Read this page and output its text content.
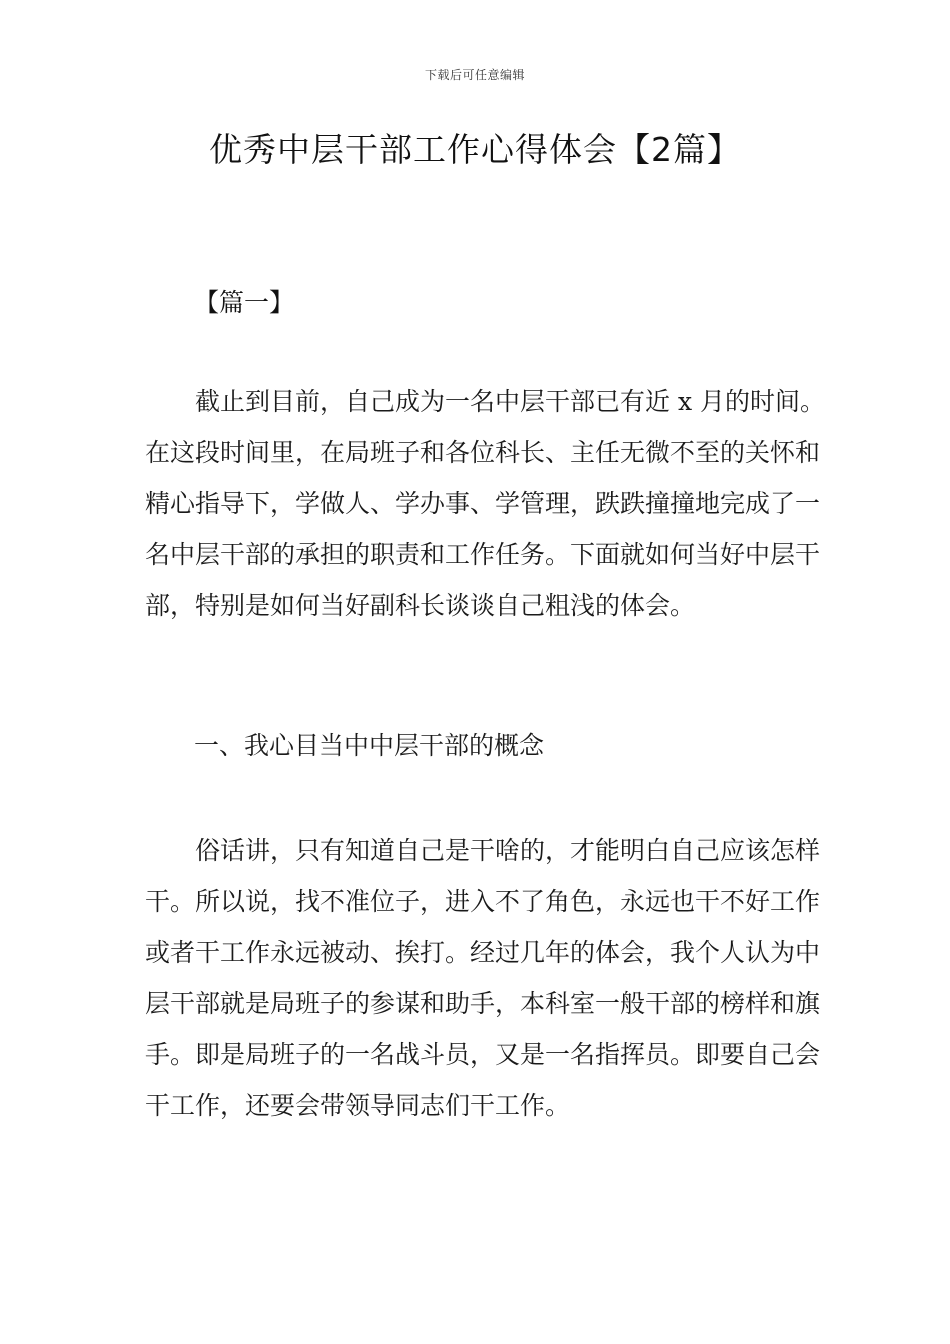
下载后可任意编辑
优秀中层干部工作心得体会【2篇】
【篇一】

截止到目前，自己成为一名中层干部已有近 x 月的时间。在这段时间里，在局班子和各位科长、主任无微不至的关怀和精心指导下，学做人、学办事、学管理，跌跌撞撞地完成了一名中层干部的承担的职责和工作任务。下面就如何当好中层干部，特别是如何当好副科长谈谈自己粗浅的体会。

一、我心目当中中层干部的概念

俗话讲，只有知道自己是干啥的，才能明白自己应该怎样干。所以说，找不准位子，进入不了角色，永远也干不好工作或者干工作永远被动、挨打。经过几年的体会，我个人认为中层干部就是局班子的参谋和助手，本科室一般干部的榜样和旗手。即是局班子的一名战斗员，又是一名指挥员。即要自己会干工作，还要会带领导同志们干工作。
